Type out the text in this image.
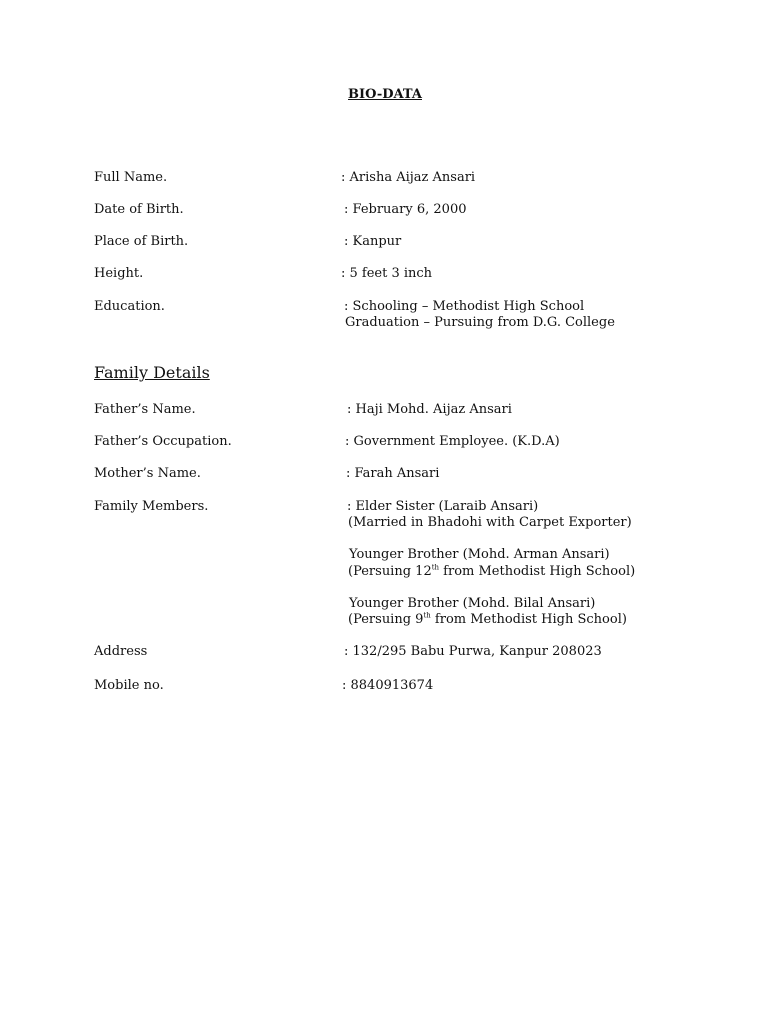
BIO-DATA
Full Name.	: Arisha Aijaz Ansari
Date of Birth.	: February 6, 2000
Place of Birth.	: Kanpur
Height.	: 5 feet 3 inch
Education.	: Schooling – Methodist High School
Graduation – Pursuing from D.G. College
Family Details
Father’s Name.	: Haji Mohd. Aijaz Ansari
Father’s Occupation.	: Government Employee. (K.D.A)
Mother’s Name.	: Farah Ansari
Family Members.	: Elder Sister (Laraib Ansari)
(Married in Bhadohi with Carpet Exporter)
Younger Brother (Mohd. Arman Ansari)
(Persuing 12th from Methodist High School)
Younger Brother (Mohd. Bilal Ansari)
(Persuing 9th from Methodist High School)
Address	: 132/295 Babu Purwa, Kanpur 208023
Mobile no.	: 8840913674
